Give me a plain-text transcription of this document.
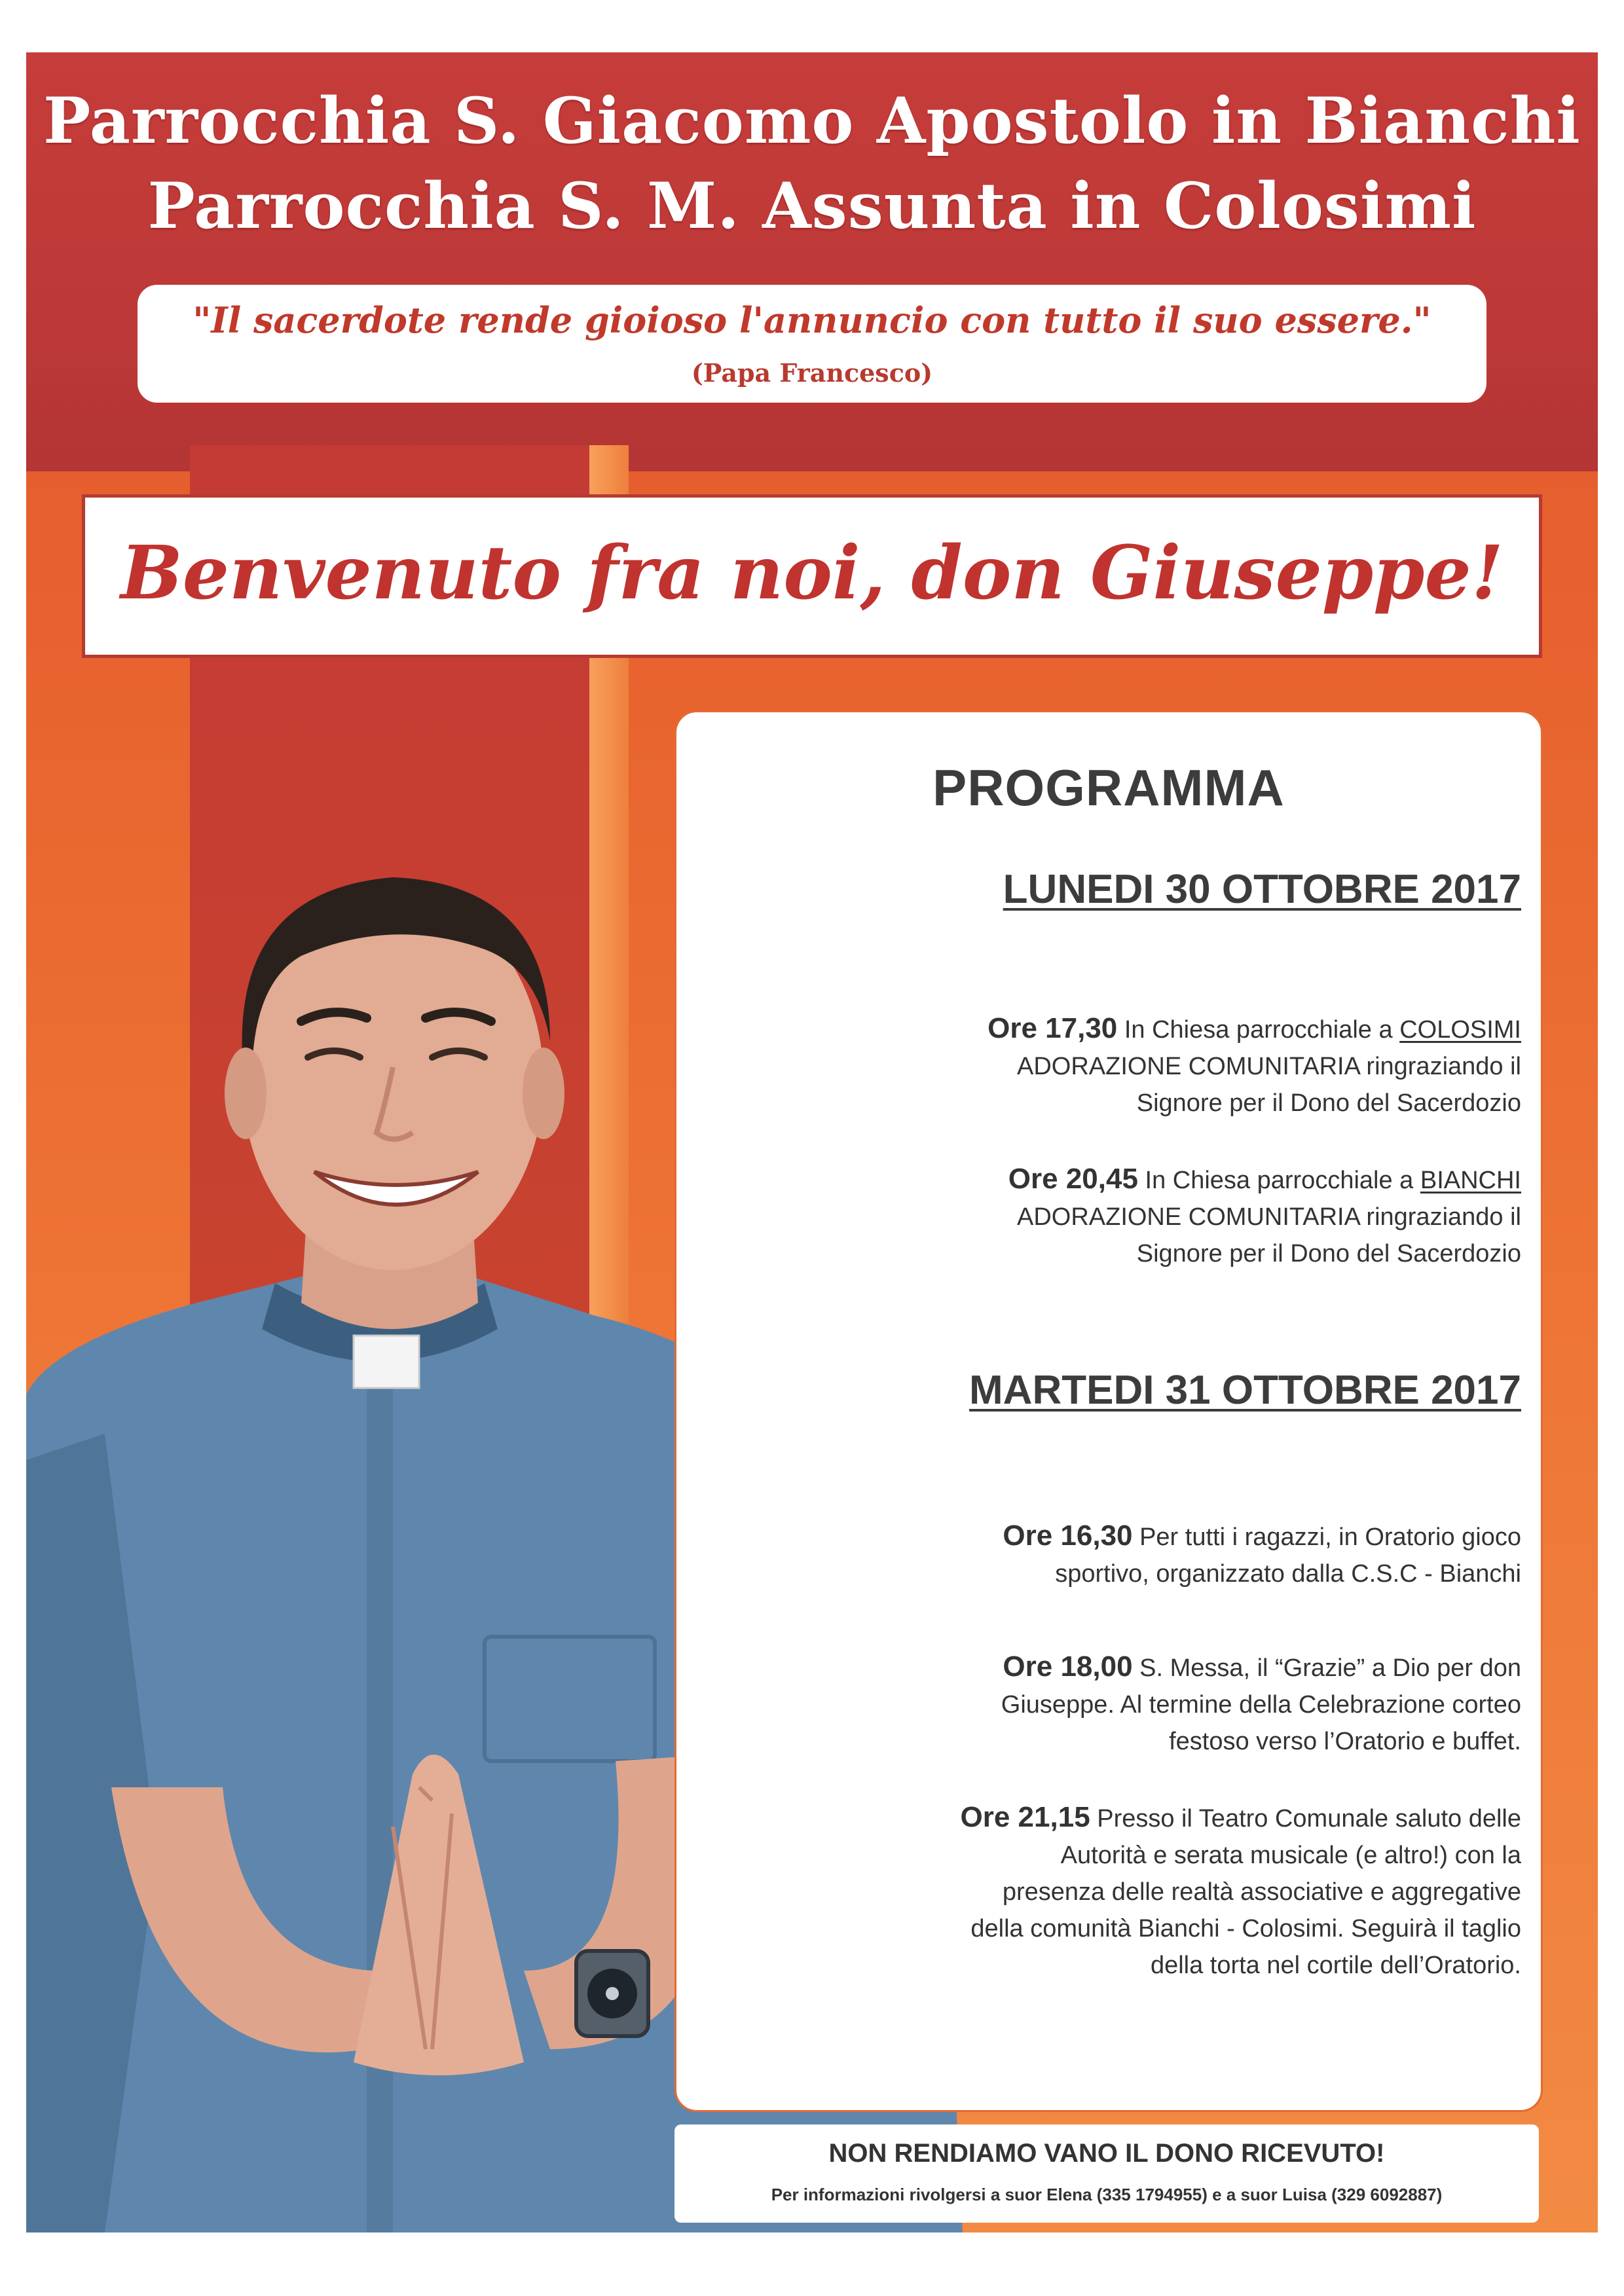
Parrocchia S. Giacomo Apostolo in Bianchi
Parrocchia S. M. Assunta in Colosimi
"Il sacerdote rende gioioso l'annuncio con tutto il suo essere."
(Papa Francesco)
Benvenuto fra noi, don Giuseppe!
PROGRAMMA
LUNEDI 30 OTTOBRE 2017
Ore 17,30 In Chiesa parrocchiale a COLOSIMI
ADORAZIONE COMUNITARIA ringraziando il
Signore per il Dono del Sacerdozio
Ore 20,45 In Chiesa parrocchiale a BIANCHI
ADORAZIONE COMUNITARIA ringraziando il
Signore per il Dono del Sacerdozio
MARTEDI 31 OTTOBRE 2017
Ore 16,30 Per tutti i ragazzi, in Oratorio gioco
sportivo, organizzato dalla C.S.C - Bianchi
Ore 18,00 S. Messa, il “Grazie” a Dio per don
Giuseppe. Al termine della Celebrazione corteo
festoso verso l’Oratorio e buffet.
Ore 21,15 Presso il Teatro Comunale saluto delle
Autorità e serata musicale (e altro!) con la
presenza delle realtà associative e aggregative
della comunità Bianchi - Colosimi. Seguirà il taglio
della torta nel cortile dell’Oratorio.
NON RENDIAMO VANO IL DONO RICEVUTO!
Per informazioni rivolgersi a suor Elena (335 1794955) e a suor Luisa (329 6092887)
